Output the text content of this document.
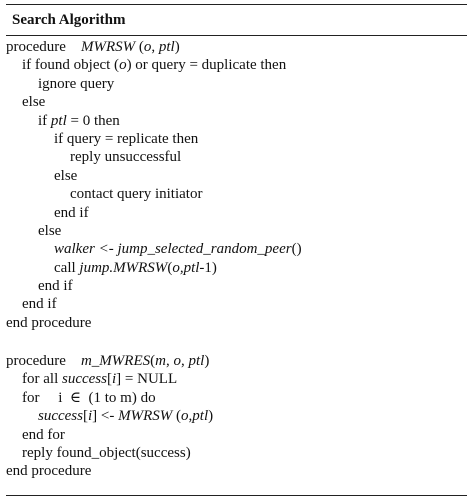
Search Algorithm
procedure    MWRSW (o, ptl)
if found object (o) or query = duplicate then
ignore query
else
if ptl = 0 then
if query = replicate then
reply unsuccessful
else
contact query initiator
end if
else
walker <- jump_selected_random_peer()
call jump.MWRSW(o,ptl-1)
end if
end if
end procedure
procedure    m_MWRES(m, o, ptl)
for all success[i] = NULL
for     i  ∈  (1 to m) do
success[i] <- MWRSW (o,ptl)
end for
reply found_object(success)
end procedure
